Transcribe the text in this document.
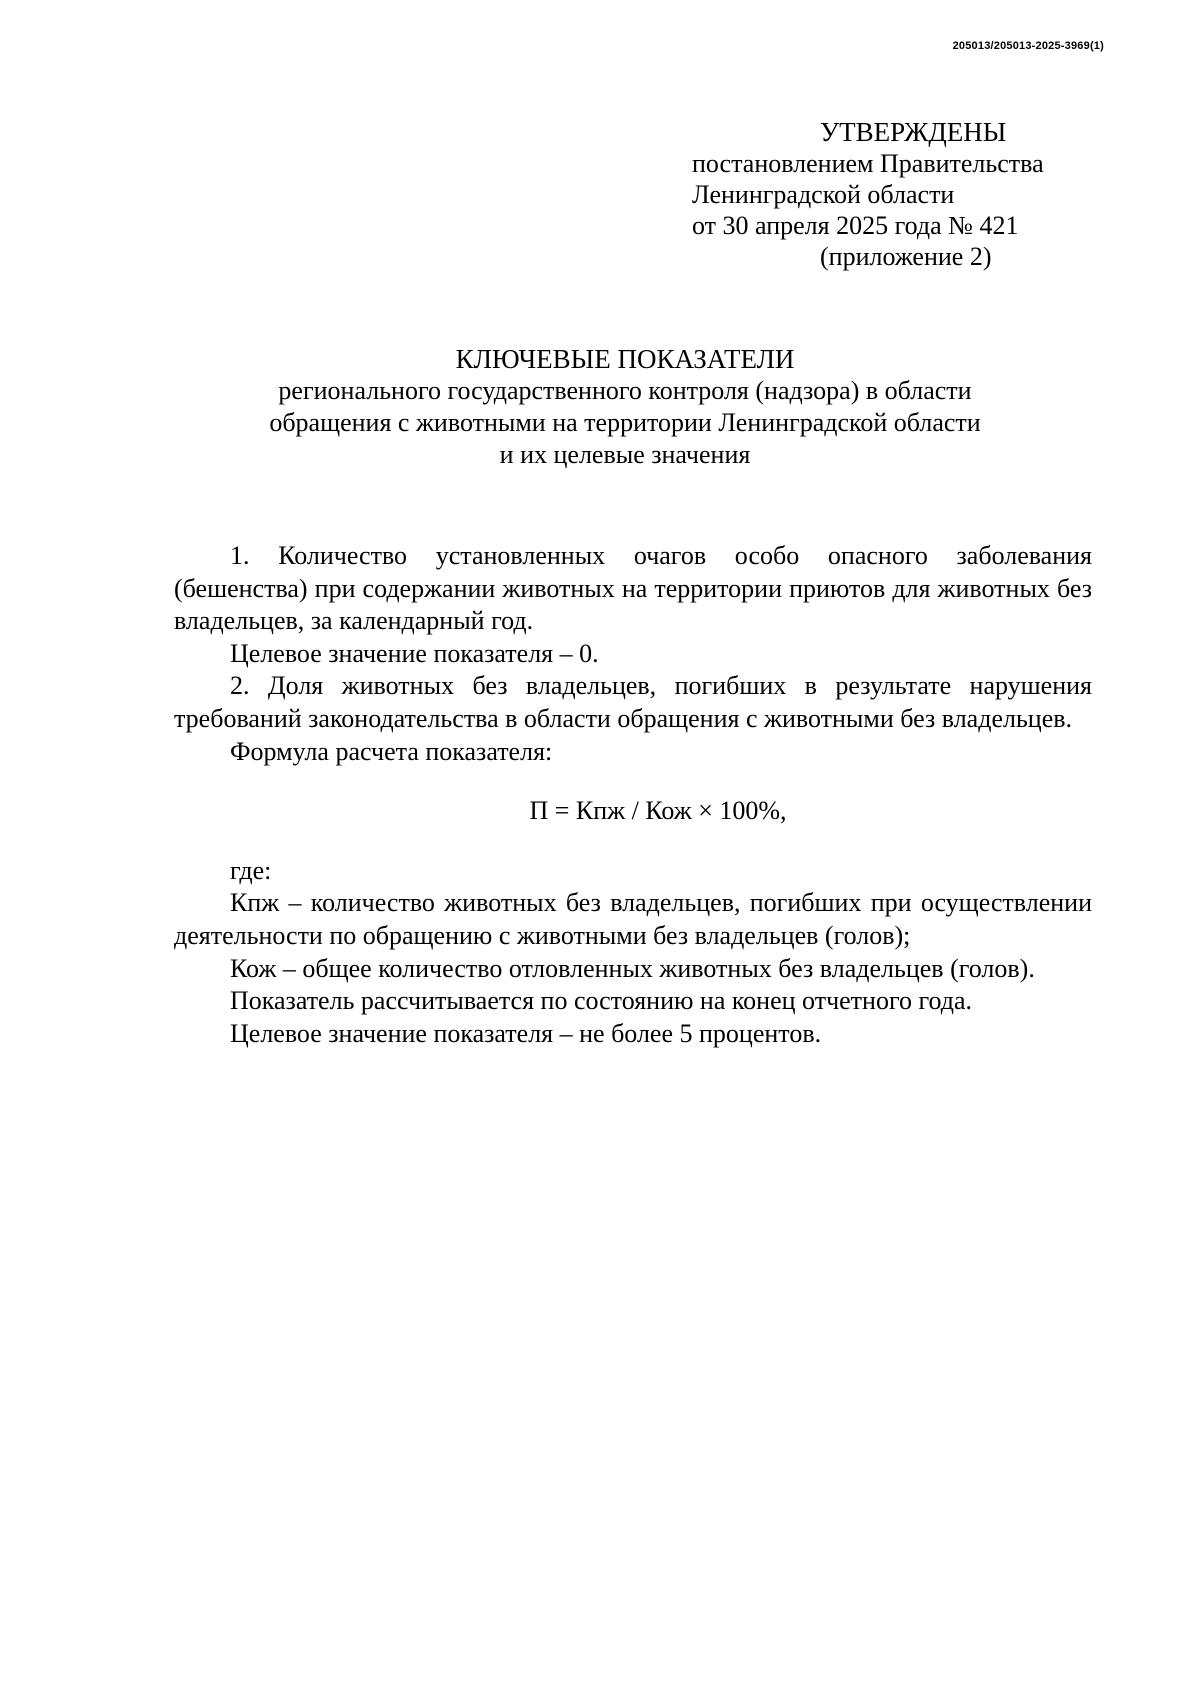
205013/205013-2025-3969(1)
УТВЕРЖДЕНЫ
постановлением Правительства
Ленинградской области
от 30 апреля 2025 года № 421
(приложение 2)
КЛЮЧЕВЫЕ ПОКАЗАТЕЛИ
регионального государственного контроля (надзора) в области
обращения с животными на территории Ленинградской области
и их целевые значения

1. Количество установленных очагов особо опасного заболевания (бешенства) при содержании животных на территории приютов для животных без владельцев, за календарный год.

Целевое значение показателя – 0.

2. Доля животных без владельцев, погибших в результате нарушения требований законодательства в области обращения с животными без владельцев.

Формула расчета показателя:

П = Кпж / Кож × 100%,

где:

Кпж – количество животных без владельцев, погибших при осуществлении деятельности по обращению с животными без владельцев (голов);

Кож – общее количество отловленных животных без владельцев (голов).

Показатель рассчитывается по состоянию на конец отчетного года.

Целевое значение показателя – не более 5 процентов.
